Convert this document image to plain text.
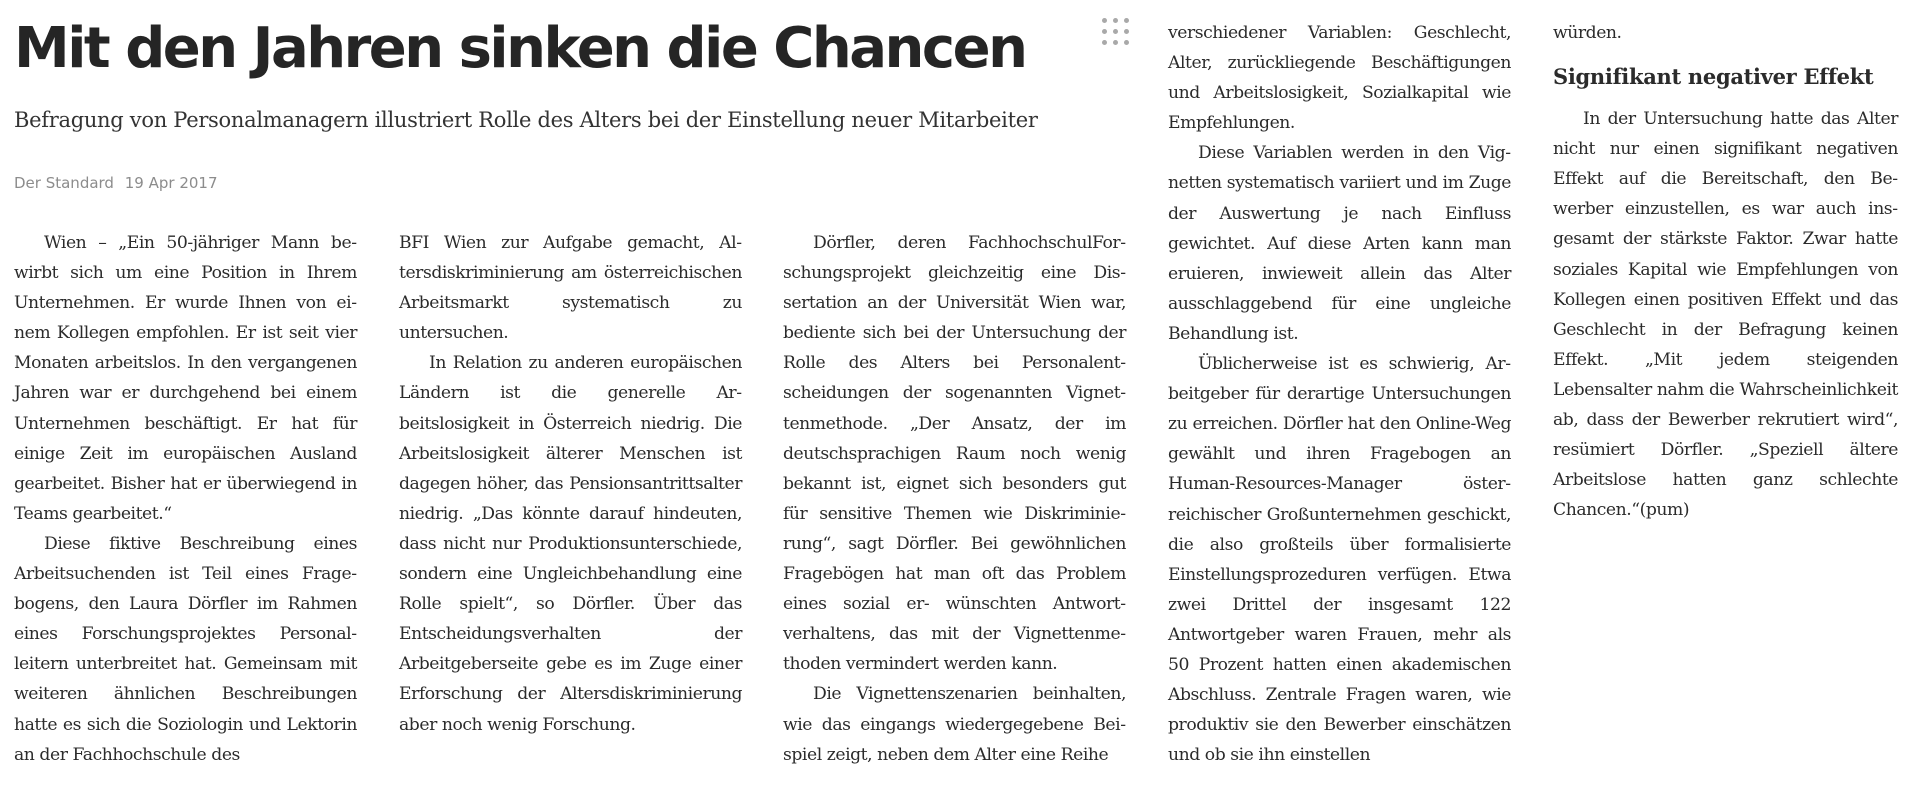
Mit den Jahren sinken die Chancen
Befragung von Personalmanagern illustriert Rolle des Alters bei der Einstellung neuer Mitarbeiter
Der Standard 19 Apr 2017

Wien – „Ein 50-jähriger Mann bewirbt sich um eine Position in Ihrem Unternehmen. Er wurde Ihnen von einem Kollegen empfohlen. Er ist seit vier Monaten arbeitslos. In den vergangenen Jahren war er durchgehend bei einem Unternehmen beschäftigt. Er hat für einige Zeit im europäischen Ausland gearbeitet. Bisher hat er überwiegend in Teams gearbeitet.“

Diese fiktive Beschreibung eines Arbeitsuchenden ist Teil eines Fragebogens, den Laura Dörfler im Rahmen eines Forschungsprojektes Personalleitern unterbreitet hat. Gemeinsam mit weiteren ähnlichen Beschreibungen hatte es sich die Soziologin und Lektorin an der Fachhochschule des

BFI Wien zur Aufgabe gemacht, Altersdiskriminierung am österreichischen Arbeitsmarkt systematisch zu untersuchen.

In Relation zu anderen europäischen Ländern ist die generelle Arbeitslosigkeit in Österreich niedrig. Die Arbeitslosigkeit älterer Menschen ist dagegen höher, das Pensionsantrittsalter niedrig. „Das könnte darauf hindeuten, dass nicht nur Produktionsunterschiede, sondern eine Ungleichbehandlung eine Rolle spielt“, so Dörfler. Über das Entscheidungsverhalten der Arbeitgeberseite gebe es im Zuge einer Erforschung der Altersdiskriminierung aber noch wenig Forschung.

Dörfler, deren FachhochschulForschungsprojekt gleichzeitig eine Dissertation an der Universität Wien war, bediente sich bei der Untersuchung der Rolle des Alters bei Personalentscheidungen der sogenannten Vignettenmethode. „Der Ansatz, der im deutschsprachigen Raum noch wenig bekannt ist, eignet sich besonders gut für sensitive Themen wie Diskriminierung“, sagt Dörfler. Bei gewöhnlichen Fragebögen hat man oft das Problem eines sozial er- wünschten Antwortverhaltens, das mit der Vignettenmethoden vermindert werden kann.

Die Vignettenszenarien beinhalten, wie das eingangs wiedergegebene Beispiel zeigt, neben dem Alter eine Reihe

verschiedener Variablen: Geschlecht, Alter, zurückliegende Beschäftigungen und Arbeitslosigkeit, Sozialkapital wie Empfehlungen.

Diese Variablen werden in den Vignetten systematisch variiert und im Zuge der Auswertung je nach Einfluss gewichtet. Auf diese Arten kann man eruieren, inwieweit allein das Alter ausschlaggebend für eine ungleiche Behandlung ist.

Üblicherweise ist es schwierig, Arbeitgeber für derartige Untersuchungen zu erreichen. Dörfler hat den Online-Weg gewählt und ihren Fragebogen an Human-Resources-Manager österreichischer Großunternehmen geschickt, die also großteils über formalisierte Einstellungsprozeduren verfügen. Etwa zwei Drittel der insgesamt 122 Antwortgeber waren Frauen, mehr als 50 Prozent hatten einen akademischen Abschluss. Zentrale Fragen waren, wie produktiv sie den Bewerber einschätzen und ob sie ihn einstellen

würden.

Signifikant negativer Effekt

In der Untersuchung hatte das Alter nicht nur einen signifikant negativen Effekt auf die Bereitschaft, den Bewerber einzustellen, es war auch insgesamt der stärkste Faktor. Zwar hatte soziales Kapital wie Empfehlungen von Kollegen einen positiven Effekt und das Geschlecht in der Befragung keinen Effekt. „Mit jedem steigenden Lebensalter nahm die Wahrscheinlichkeit ab, dass der Bewerber rekrutiert wird“, resümiert Dörfler. „Speziell ältere Arbeitslose hatten ganz schlechte Chancen.“(pum)
